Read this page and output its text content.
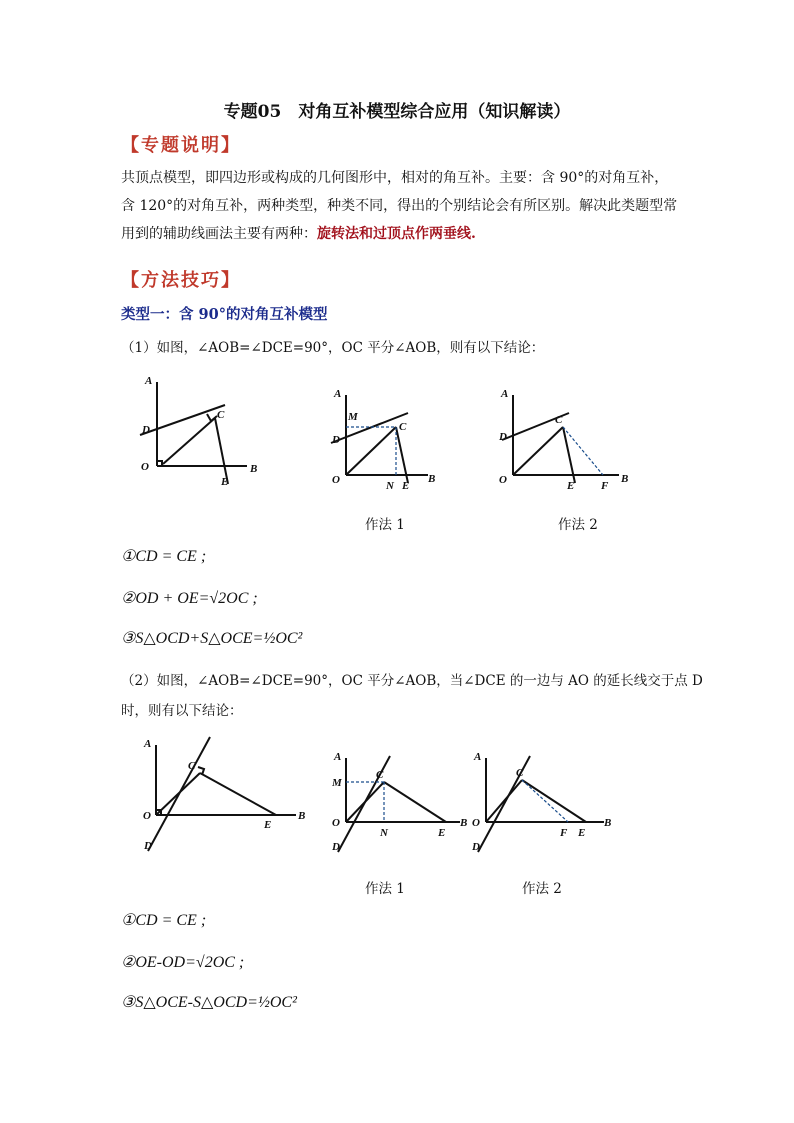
专题05　对角互补模型综合应用（知识解读）
【专题说明】
共顶点模型，即四边形或构成的几何图形中，相对的角互补。主要：含 90°的对角互补，
含 120°的对角互补，两种类型，种类不同，得出的个别结论会有所区别。解决此类题型常
用到的辅助线画法主要有两种：旋转法和过顶点作两垂线.
【方法技巧】
类型一：含 90°的对角互补模型
（1）如图，∠AOB=∠DCE=90°，OC 平分∠AOB，则有以下结论：
A
D
C
O	B
E
A
M
D
C
O	N E
B
A
D
C
O	E F
B
作法 1	作法 2
①CD = CE ;
②OD + OE=√2OC ;
③S△OCD+S△OCE=½OC²
（2）如图，∠AOB=∠DCE=90°，OC 平分∠AOB，当∠DCE 的一边与 AO 的延长线交于点 D
时，则有以下结论：
A
C
O
E
B
D
A
M
C
O
N	E
B
D
A
C
O
F E
B
D
作法 1	作法 2
①CD = CE ;
②OE-OD=√2OC ;
③S△OCE-S△OCD=½OC²
